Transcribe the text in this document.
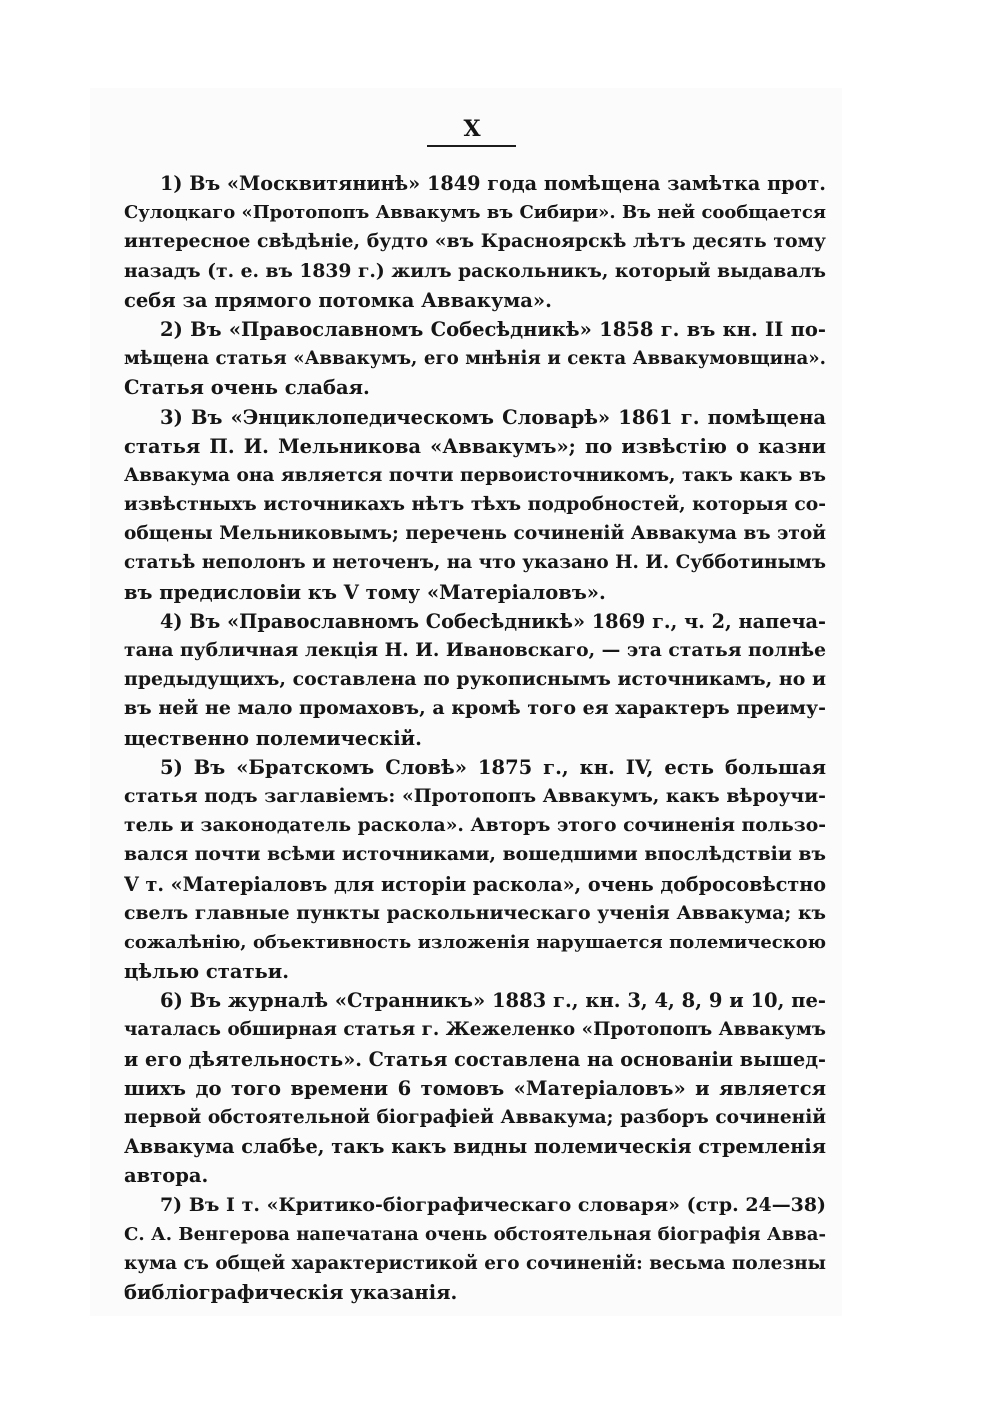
X
1) Въ «Москвитянинѣ» 1849 года помѣщена замѣтка прот.
Сулоцкаго «Протопопъ Аввакумъ въ Сибири». Въ ней сообщается
интересное свѣдѣніе, будто «въ Красноярскѣ лѣтъ десять тому
назадъ (т. е. въ 1839 г.) жилъ раскольникъ, который выдавалъ
себя за прямого потомка Аввакума».
2) Въ «Православномъ Собесѣдникѣ» 1858 г. въ кн. II по-
мѣщена статья «Аввакумъ, его мнѣнія и секта Аввакумовщина».
Статья очень слабая.
3) Въ «Энциклопедическомъ Словарѣ» 1861 г. помѣщена
статья П. И. Мельникова «Аввакумъ»; по извѣстію о казни
Аввакума она является почти первоисточникомъ, такъ какъ въ
извѣстныхъ источникахъ нѣтъ тѣхъ подробностей, которыя со-
общены Мельниковымъ; перечень сочиненій Аввакума въ этой
статьѣ неполонъ и неточенъ, на что указано Н. И. Субботинымъ
въ предисловіи къ V тому «Матеріаловъ».
4) Въ «Православномъ Собесѣдникѣ» 1869 г., ч. 2, напеча-
тана публичная лекція Н. И. Ивановскаго, — эта статья полнѣе
предыдущихъ, составлена по рукописнымъ источникамъ, но и
въ ней не мало промаховъ, а кромѣ того ея характеръ преиму-
щественно полемическій.
5) Въ «Братскомъ Словѣ» 1875 г., кн. IV, есть большая
статья подъ заглавіемъ: «Протопопъ Аввакумъ, какъ вѣроучи-
тель и законодатель раскола». Авторъ этого сочиненія пользо-
вался почти всѣми источниками, вошедшими впослѣдствіи въ
V т. «Матеріаловъ для исторіи раскола», очень добросовѣстно
свелъ главные пункты раскольническаго ученія Аввакума; къ
сожалѣнію, объективность изложенія нарушается полемическою
цѣлью статьи.
6) Въ журналѣ «Странникъ» 1883 г., кн. 3, 4, 8, 9 и 10, пе-
чаталась обширная статья г. Жежеленко «Протопопъ Аввакумъ
и его дѣятельность». Статья составлена на основаніи вышед-
шихъ до того времени 6 томовъ «Матеріаловъ» и является
первой обстоятельной біографіей Аввакума; разборъ сочиненій
Аввакума слабѣе, такъ какъ видны полемическія стремленія
автора.
7) Въ I т. «Критико-біографическаго словаря» (стр. 24—38)
С. А. Венгерова напечатана очень обстоятельная біографія Авва-
кума съ общей характеристикой его сочиненій: весьма полезны
библіографическія указанія.
